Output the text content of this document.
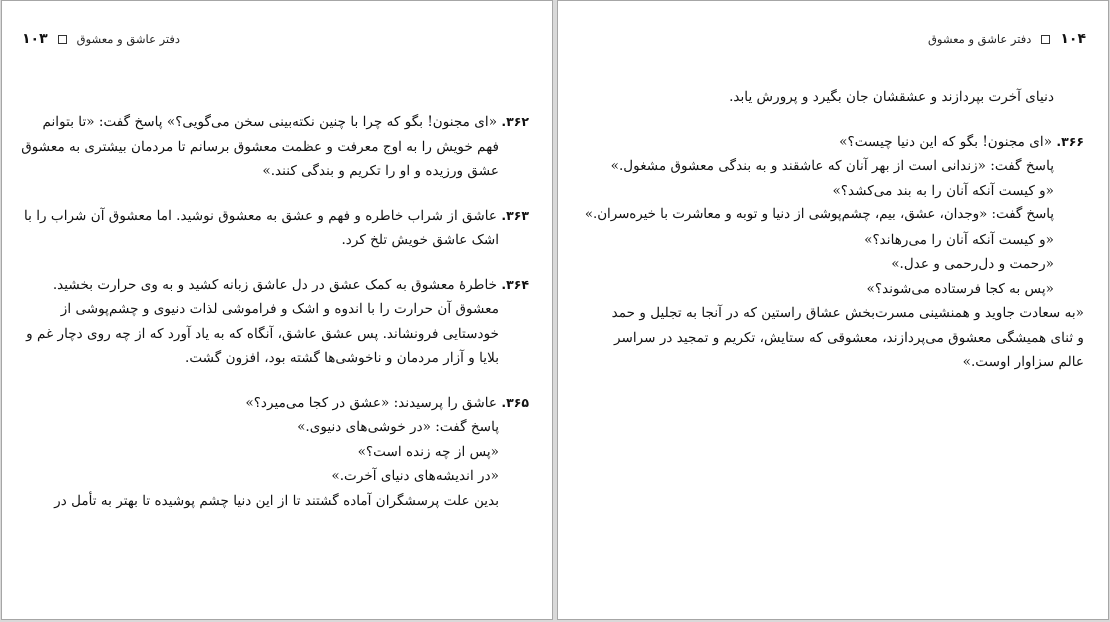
۱۰۳	دفتر عاشق و معشوق
۳۶۲. «ای مجنون! بگو که چرا با چنین نکته‌بینی سخن می‌گویی؟» پاسخ گفت: «تا بتوانم
فهم خویش را به اوج معرفت و عظمت معشوق برسانم تا مردمان بیشتری به معشوق
عشق ورزیده و او را تکریم و بندگی کنند.»
۳۶۳. عاشق از شراب خاطره و فهم و عشق به معشوق نوشید. اما معشوق آن شراب را با
اشک عاشق خویش تلخ کرد.
۳۶۴. خاطرهٔ معشوق به کمک عشق در دل عاشق زبانه کشید و به وی حرارت بخشید.
معشوق آن حرارت را با اندوه و اشک و فراموشی لذات دنیوی و چشم‌پوشی از
خودستایی فرونشاند. پس عشق عاشق، آنگاه که به یاد آورد که از چه روی دچار غم و
بلایا و آزار مردمان و ناخوشی‌ها گشته بود، افزون گشت.
۳۶۵. عاشق را پرسیدند: «عشق در کجا می‌میرد؟»
پاسخ گفت: «در خوشی‌های دنیوی.»
«پس از چه زنده است؟»
«در اندیشه‌های دنیای آخرت.»
بدین علت پرسشگران آماده گشتند تا از این دنیا چشم پوشیده تا بهتر به تأمل در
۱۰۴
دفتر عاشق و معشوق
دنیای آخرت بپردازند و عشقشان جان بگیرد و پرورش یابد.
۳۶۶. «ای مجنون! بگو که این دنیا چیست؟»
پاسخ گفت: «زندانی است از بهر آنان که عاشقند و به بندگی معشوق مشغول.»
«و کیست آنکه آنان را به بند می‌کشد؟»
پاسخ گفت: «وجدان، عشق، بیم، چشم‌پوشی از دنیا و توبه و معاشرت با خیره‌سران.»
«و کیست آنکه آنان را می‌رهاند؟»
«رحمت و دل‌رحمی و عدل.»
«پس به کجا فرستاده می‌شوند؟»
«به سعادت جاوید و همنشینی مسرت‌بخش عشاق راستین که در آنجا به تجلیل و حمد
و ثنای همیشگی معشوق می‌پردازند، معشوقی که ستایش، تکریم و تمجید در سراسر
عالم سزاوار اوست.»
